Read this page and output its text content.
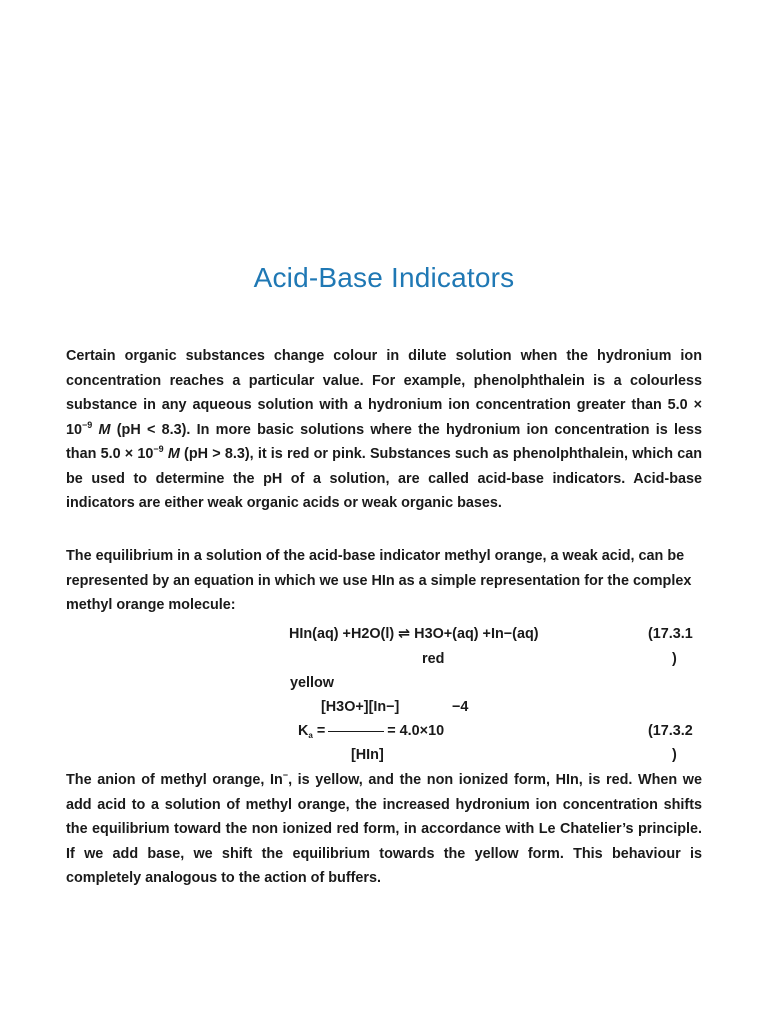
Acid-Base Indicators

Certain organic substances change colour in dilute solution when the hydronium ion concentration reaches a particular value. For example, phenolphthalein is a colourless substance in any aqueous solution with a hydronium ion concentration greater than $5.0 \times 10^{-9}$ M (pH < 8.3). In more basic solutions where the hydronium ion concentration is less than $5.0 \times 10^{-9}$ M (pH > 8.3), it is red or pink. Substances such as phenolphthalein, which can be used to determine the pH of a solution, are called acid-base indicators. Acid-base indicators are either weak organic acids or weak organic bases.

The equilibrium in a solution of the acid-base indicator methyl orange, a weak acid, can be represented by an equation in which we use HIn as a simple representation for the complex methyl orange molecule:

HIn(aq) +H2O(l) ⇌ H3O+(aq) +In−(aq)	(17.3.1
red	)
yellow
[H3O+][In−]	−4
$K_a$ =	= 4.0×10	(17.3.2
[HIn]	)

The anion of methyl orange, In−, is yellow, and the non ionized form, HIn, is red. When we add acid to a solution of methyl orange, the increased hydronium ion concentration shifts the equilibrium toward the non ionized red form, in accordance with Le Chatelier’s principle. If we add base, we shift the equilibrium towards the yellow form. This behaviour is completely analogous to the action of buffers.
